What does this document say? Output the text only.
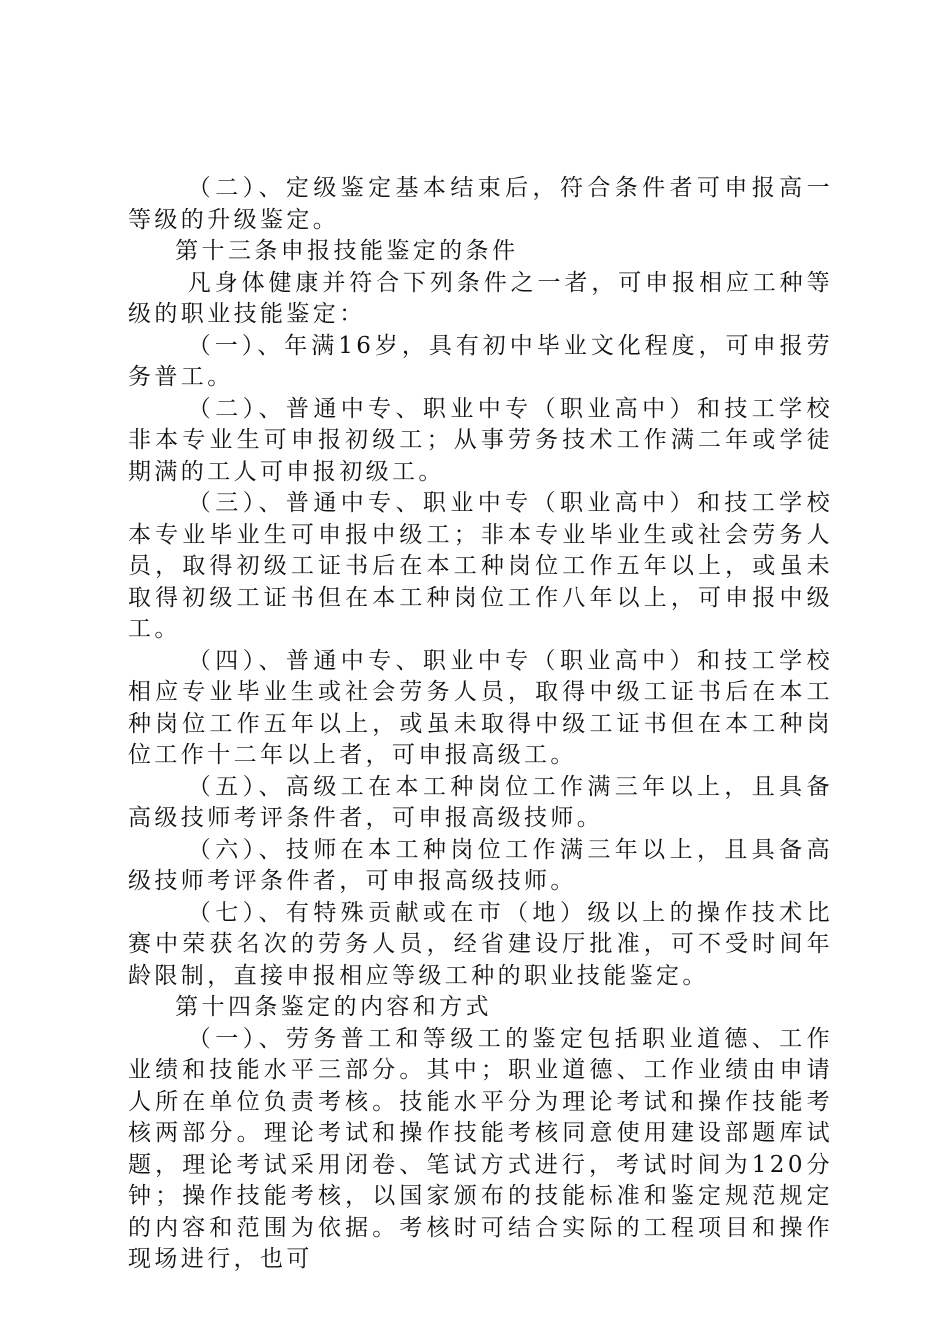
（二）、定级鉴定基本结束后，符合条件者可申报高一等级的升级鉴定。

第十三条申报技能鉴定的条件

凡身体健康并符合下列条件之一者，可申报相应工种等级的职业技能鉴定：

（一）、年满16岁，具有初中毕业文化程度，可申报劳务普工。

（二）、普通中专、职业中专（职业高中）和技工学校非本专业生可申报初级工；从事劳务技术工作满二年或学徒期满的工人可申报初级工。

（三）、普通中专、职业中专（职业高中）和技工学校本专业毕业生可申报中级工；非本专业毕业生或社会劳务人员，取得初级工证书后在本工种岗位工作五年以上，或虽未取得初级工证书但在本工种岗位工作八年以上，可申报中级工。

（四）、普通中专、职业中专（职业高中）和技工学校相应专业毕业生或社会劳务人员，取得中级工证书后在本工种岗位工作五年以上，或虽未取得中级工证书但在本工种岗位工作十二年以上者，可申报高级工。

（五）、高级工在本工种岗位工作满三年以上，且具备高级技师考评条件者，可申报高级技师。

（六）、技师在本工种岗位工作满三年以上，且具备高级技师考评条件者，可申报高级技师。

（七）、有特殊贡献或在市（地）级以上的操作技术比赛中荣获名次的劳务人员，经省建设厅批准，可不受时间年龄限制，直接申报相应等级工种的职业技能鉴定。

第十四条鉴定的内容和方式

（一）、劳务普工和等级工的鉴定包括职业道德、工作业绩和技能水平三部分。其中；职业道德、工作业绩由申请人所在单位负责考核。技能水平分为理论考试和操作技能考核两部分。理论考试和操作技能考核同意使用建设部题库试题，理论考试采用闭卷、笔试方式进行，考试时间为120分钟；操作技能考核，以国家颁布的技能标准和鉴定规范规定的内容和范围为依据。考核时可结合实际的工程项目和操作现场进行，也可
